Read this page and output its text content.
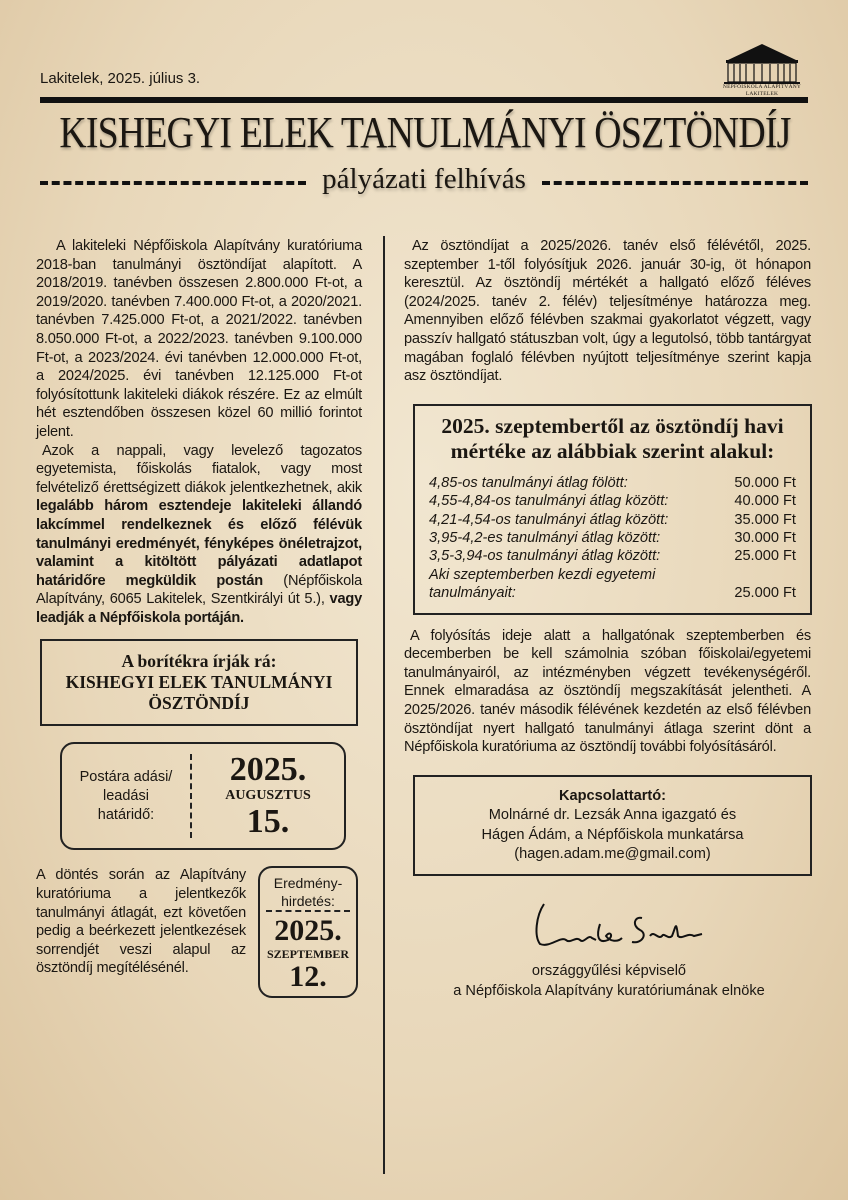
Lakitelek, 2025. július 3.	NÉPFŐISKOLA ALAPÍTVÁNY
LAKITELEK
KISHEGYI ELEK TANULMÁNYI ÖSZTÖNDÍJ
pályázati felhívás

A lakiteleki Népfőiskola Alapítvány kuratóriuma 2018-ban tanulmányi ösztöndíjat alapított. A 2018/2019. tanévben összesen 2.800.000 Ft-ot, a 2019/2020. tanévben 7.400.000 Ft-ot, a 2020/2021. tanévben 7.425.000 Ft-ot, a 2021/2022. tanévben 8.050.000 Ft-ot, a 2022/2023. tanévben 9.100.000 Ft-ot, a 2023/2024. évi tanévben 12.000.000 Ft-ot, a 2024/2025. évi tanévben 12.125.000 Ft-ot folyósítottunk lakiteleki diákok részére. Ez az elmúlt hét esztendőben összesen közel 60 millió forintot jelent.

Azok a nappali, vagy levelező tagozatos egyetemista, főiskolás fiatalok, vagy most felvételiző érettségizett diákok jelentkezhetnek, akik legalább három esztendeje lakiteleki állandó lakcímmel rendelkeznek és előző félévük tanulmányi eredményét, fényképes önéletrajzot, valamint a kitöltött pályázati adatlapot határidőre megküldik postán (Népfőiskola Alapítvány, 6065 Lakitelek, Szentkirályi út 5.), vagy leadják a Népfőiskola portáján.

A borítékra írják rá:
KISHEGYI ELEK TANULMÁNYI ÖSZTÖNDÍJ
Postára adási/ leadási határidő:
2025.
AUGUSZTUS
15.

A döntés során az Alapítvány kuratóriuma a jelentkezők tanulmányi átlagát, ezt követően pedig a beérkezett jelentkezések sorrendjét veszi alapul az ösztöndíj megítélésénél.

Eredmény-hirdetés:
2025.
SZEPTEMBER
12.

Az ösztöndíjat a 2025/2026. tanév első félévétől, 2025. szeptember 1-től folyósítjuk 2026. január 30-ig, öt hónapon keresztül. Az ösztöndíj mértékét a hallgató előző féléves (2024/2025. tanév 2. félév) teljesítménye határozza meg. Amennyiben előző félévben szakmai gyakorlatot végzett, vagy passzív hallgató státuszban volt, úgy a legutolsó, több tantárgyat magában foglaló félévben nyújtott teljesítménye szerint kapja asz ösztöndíjat.

2025. szeptembertől az ösztöndíj havi mértéke az alábbiak szerint alakul:
4,85-os tanulmányi átlag fölött:	50.000 Ft
4,55-4,84-os tanulmányi átlag között:	40.000 Ft
4,21-4,54-os tanulmányi átlag között:	35.000 Ft
3,95-4,2-es tanulmányi átlag között:	30.000 Ft
3,5-3,94-os tanulmányi átlag között:	25.000 Ft
Aki szeptemberben kezdi egyetemi tanulmányait:	25.000 Ft

A folyósítás ideje alatt a hallgatónak szeptemberben és decemberben be kell számolnia szóban főiskolai/egyetemi tanulmányairól, az intézményben végzett tevékenységéről. Ennek elmaradása az ösztöndíj megszakítását jelentheti. A 2025/2026. tanév második félévének kezdetén az első félévben ösztöndíjat nyert hallgató tanulmányi átlaga szerint dönt a Népfőiskola kuratóriuma az ösztöndíj további folyósításáról.

Kapcsolattartó:
Molnárné dr. Lezsák Anna igazgató és
Hágen Ádám, a Népfőiskola munkatársa
(hagen.adam.me@gmail.com)
országgyűlési képviselő
a Népfőiskola Alapítvány kuratóriumának elnöke
